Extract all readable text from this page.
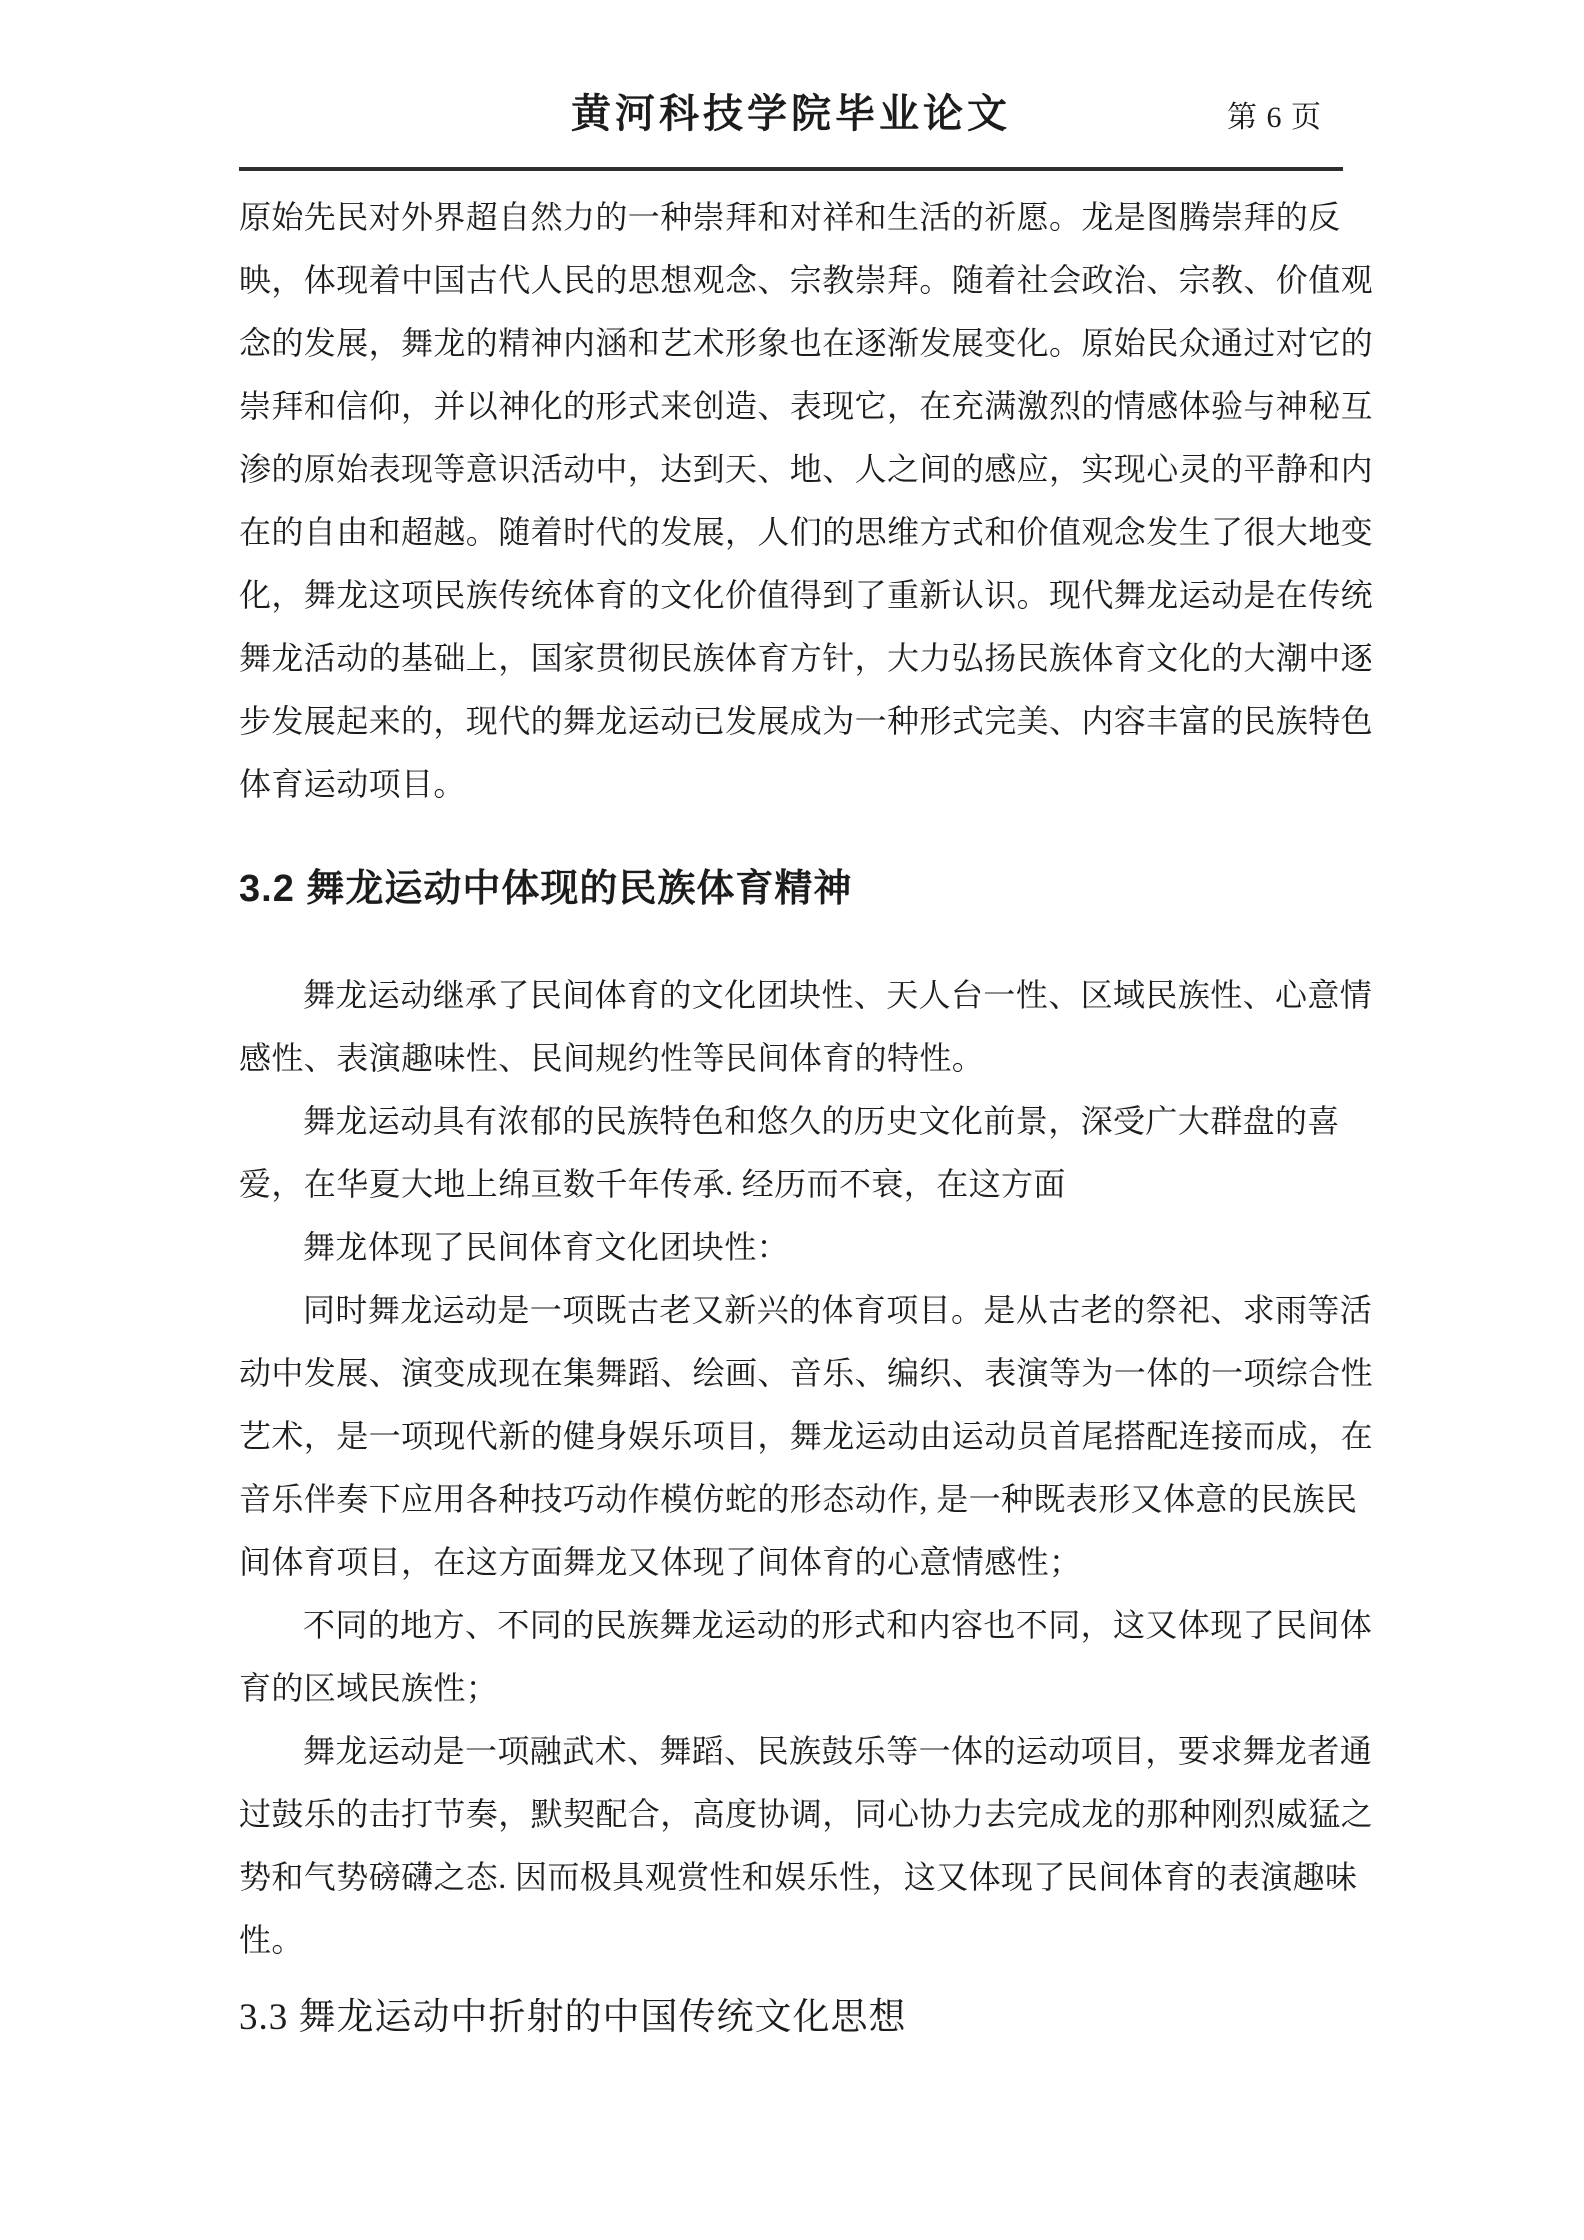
黄河科技学院毕业论文	第 6 页
原始先民对外界超自然力的一种崇拜和对祥和生活的祈愿。龙是图腾崇拜的反
映，体现着中国古代人民的思想观念、宗教崇拜。随着社会政治、宗教、价值观
念的发展，舞龙的精神内涵和艺术形象也在逐渐发展变化。原始民众通过对它的
崇拜和信仰，并以神化的形式来创造、表现它，在充满激烈的情感体验与神秘互
渗的原始表现等意识活动中，达到天、地、人之间的感应，实现心灵的平静和内
在的自由和超越。随着时代的发展，人们的思维方式和价值观念发生了很大地变
化，舞龙这项民族传统体育的文化价值得到了重新认识。现代舞龙运动是在传统
舞龙活动的基础上，国家贯彻民族体育方针，大力弘扬民族体育文化的大潮中逐
步发展起来的，现代的舞龙运动已发展成为一种形式完美、内容丰富的民族特色
体育运动项目。
3.2 舞龙运动中体现的民族体育精神
舞龙运动继承了民间体育的文化团块性、天人台一性、区域民族性、心意情
感性、表演趣味性、民间规约性等民间体育的特性。
舞龙运动具有浓郁的民族特色和悠久的历史文化前景，深受广大群盘的喜
爱，在华夏大地上绵亘数千年传承. 经历而不衰，在这方面
舞龙体现了民间体育文化团块性：
同时舞龙运动是一项既古老又新兴的体育项目。是从古老的祭祀、求雨等活
动中发展、演变成现在集舞蹈、绘画、音乐、编织、表演等为一体的一项综合性
艺术，是一项现代新的健身娱乐项目，舞龙运动由运动员首尾搭配连接而成，在
音乐伴奏下应用各种技巧动作模仿蛇的形态动作, 是一种既表形又体意的民族民
间体育项目，在这方面舞龙又体现了间体育的心意情感性；
不同的地方、不同的民族舞龙运动的形式和内容也不同，这又体现了民间体
育的区域民族性；
舞龙运动是一项融武术、舞蹈、民族鼓乐等一体的运动项目，要求舞龙者通
过鼓乐的击打节奏，默契配合，高度协调，同心协力去完成龙的那种刚烈威猛之
势和气势磅礴之态. 因而极具观赏性和娱乐性，这又体现了民间体育的表演趣味
性。
3.3 舞龙运动中折射的中国传统文化思想
